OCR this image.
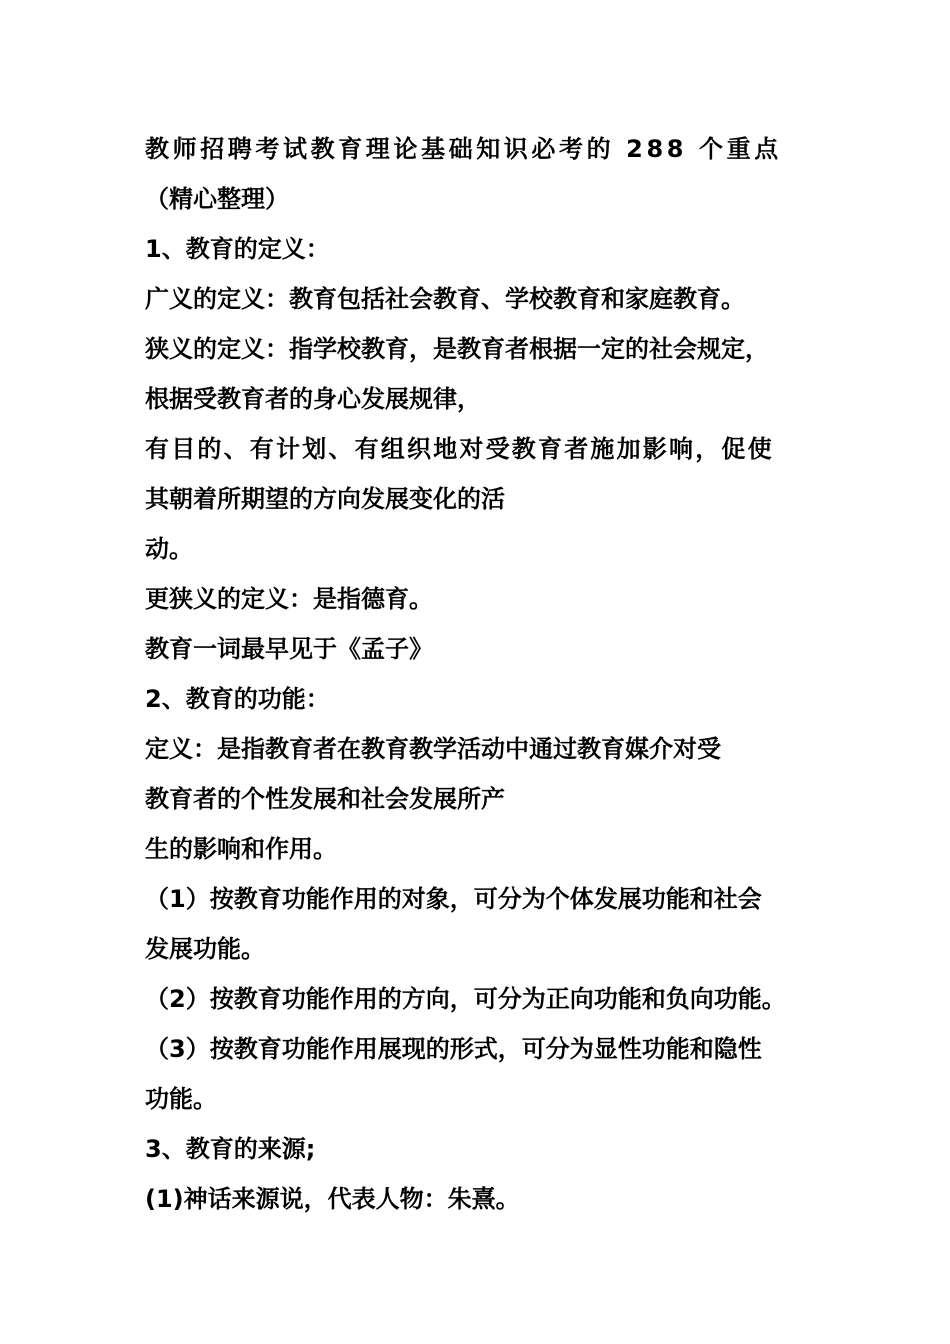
教师招聘考试教育理论基础知识必考的 288 个重点
（精心整理）
1、教育的定义：
广义的定义：教育包括社会教育、学校教育和家庭教育。
狭义的定义：指学校教育，是教育者根据一定的社会规定，
根据受教育者的身心发展规律，
有目的、有计划、有组织地对受教育者施加影响，促使
其朝着所期望的方向发展变化的活
动。
更狭义的定义：是指德育。
教育一词最早见于《孟子》
2、教育的功能：
定义：是指教育者在教育教学活动中通过教育媒介对受
教育者的个性发展和社会发展所产
生的影响和作用。
（1）按教育功能作用的对象，可分为个体发展功能和社会
发展功能。
（2）按教育功能作用的方向，可分为正向功能和负向功能。
（3）按教育功能作用展现的形式，可分为显性功能和隐性
功能。
3、教育的来源;
(1)神话来源说，代表人物：朱熹。
